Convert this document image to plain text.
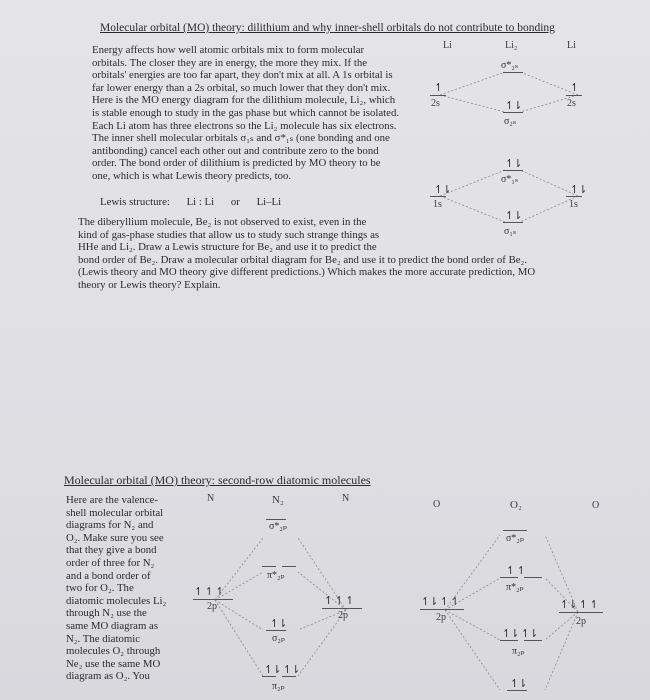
Molecular orbital (MO) theory: dilithium and why inner-shell orbitals do not contribute to bonding

Energy affects how well atomic orbitals mix to form molecular
orbitals. The closer they are in energy, the more they mix. If the
orbitals' energies are too far apart, they don't mix at all. A 1s orbital is
far lower energy than a 2s orbital, so much lower that they don't mix.
Here is the MO energy diagram for the dilithium molecule, Li₂, which
is stable enough to study in the gas phase but which cannot be isolated.
Each Li atom has three electrons so the Li₂ molecule has six electrons.
The inner shell molecular orbitals σ₁ₛ and σ*₁ₛ (one bonding and one
antibonding) cancel each other out and contribute zero to the bond
order. The bond order of dilithium is predicted by MO theory to be
one, which is what Lewis theory predicts, too.

Lewis structure: Li : Li or Li–Li

The diberyllium molecule, Be₂ is not observed to exist, even in the
kind of gas-phase studies that allow us to study such strange things as
HHe and Li₂. Draw a Lewis structure for Be₂ and use it to predict the
bond order of Be₂. Draw a molecular orbital diagram for Be₂ and use it to predict the bond order of Be₂.
(Lewis theory and MO theory give different predictions.) Which makes the more accurate prediction, MO
theory or Lewis theory? Explain.

Li	Li₂	Li
σ*₂ₛ
↿
2s
↿
2s
↿⇂
σ₂ₛ
↿⇂
σ*₁ₛ
↿⇂
1s
↿⇂
1s
↿⇂
σ₁ₛ
Molecular orbital (MO) theory: second-row diatomic molecules

Here are the valence-
shell molecular orbital
diagrams for N₂ and
O₂. Make sure you see
that they give a bond
order of three for N₂
and a bond order of
two for O₂. The
diatomic molecules Li₂
through N₂ use the
same MO diagram as
N₂. The diatomic
molecules O₂ through
Ne₂ use the same MO
diagram as O₂. You

N	N₂	N
σ*₂ₚ
π*₂ₚ
↿ ↿ ↿
2p	↿ ↿ ↿
2p
↿⇂
σ₂ₚ
↿⇂ ↿⇂
π₂ₚ
O	O₂	O
σ*₂ₚ
↿ ↿
π*₂ₚ
↿⇂ ↿ ↿
2p
↿⇂ ↿ ↿
2p
↿⇂ ↿⇂
π₂ₚ
↿⇂
